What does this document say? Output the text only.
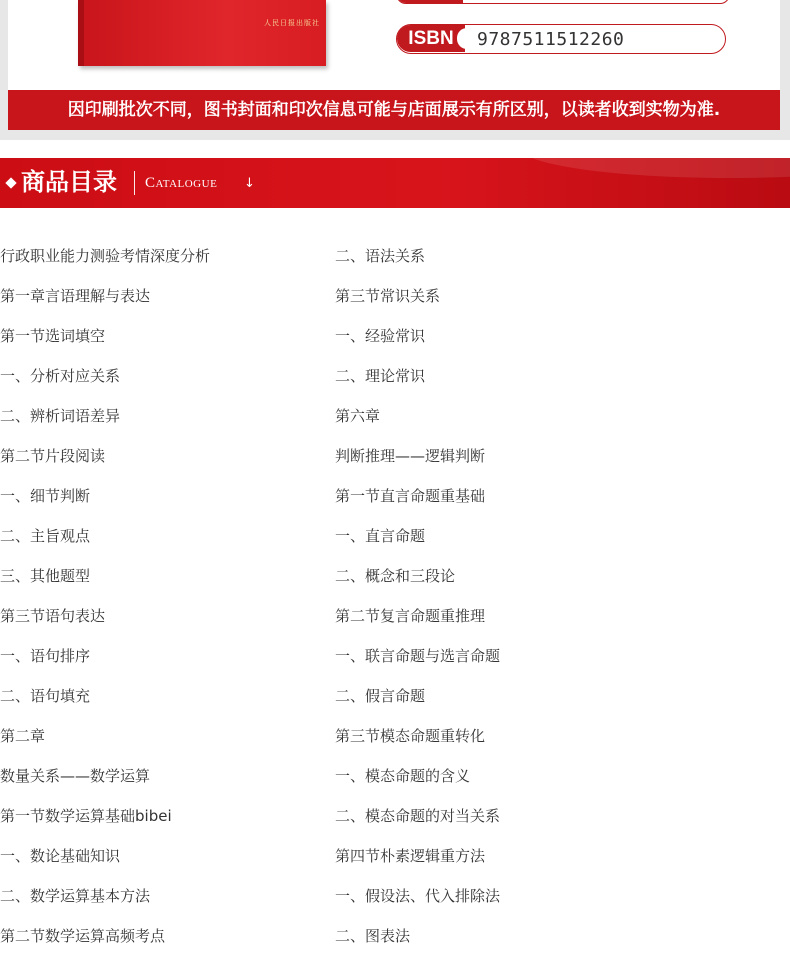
人民日报出版社
ISBN	9787511512260
因印刷批次不同，图书封面和印次信息可能与店面展示有所区别，以读者收到实物为准.
商品目录 Catalogue ↓
行政职业能力测验考情深度分析
第一章言语理解与表达
第一节选词填空
一、分析对应关系
二、辨析词语差异
第二节片段阅读
一、细节判断
二、主旨观点
三、其他题型
第三节语句表达
一、语句排序
二、语句填充
第二章
数量关系——数学运算
第一节数学运算基础bibei
一、数论基础知识
二、数学运算基本方法
第二节数学运算高频考点
二、语法关系
第三节常识关系
一、经验常识
二、理论常识
第六章
判断推理——逻辑判断
第一节直言命题重基础
一、直言命题
二、概念和三段论
第二节复言命题重推理
一、联言命题与选言命题
二、假言命题
第三节模态命题重转化
一、模态命题的含义
二、模态命题的对当关系
第四节朴素逻辑重方法
一、假设法、代入排除法
二、图表法
